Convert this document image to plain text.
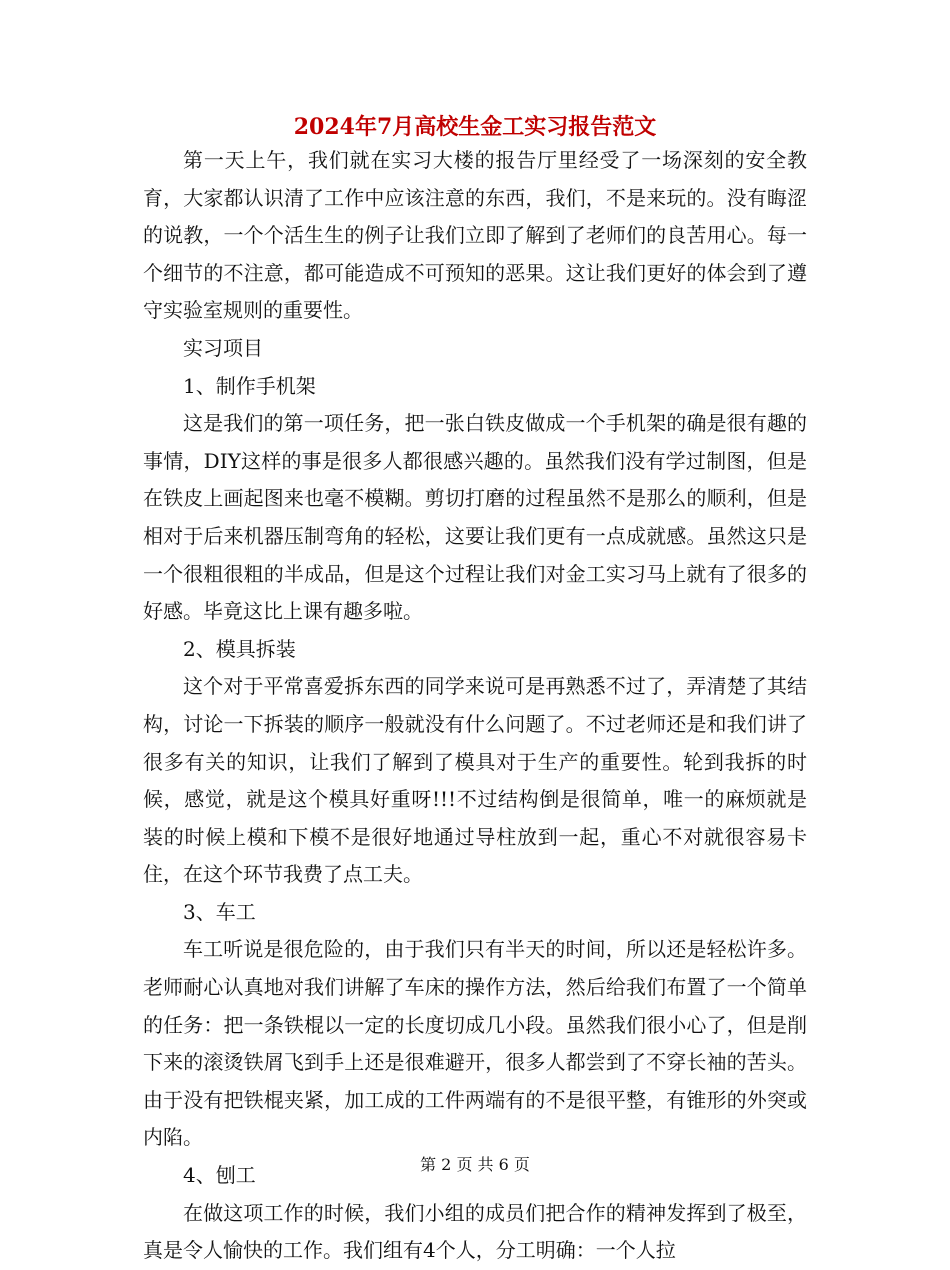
2024年7月高校生金工实习报告范文

第一天上午，我们就在实习大楼的报告厅里经受了一场深刻的安全教育，大家都认识清了工作中应该注意的东西，我们，不是来玩的。没有晦涩的说教，一个个活生生的例子让我们立即了解到了老师们的良苦用心。每一个细节的不注意，都可能造成不可预知的恶果。这让我们更好的体会到了遵守实验室规则的重要性。

实习项目

1、制作手机架

这是我们的第一项任务，把一张白铁皮做成一个手机架的确是很有趣的事情，DIY这样的事是很多人都很感兴趣的。虽然我们没有学过制图，但是在铁皮上画起图来也毫不模糊。剪切打磨的过程虽然不是那么的顺利，但是相对于后来机器压制弯角的轻松，这要让我们更有一点成就感。虽然这只是一个很粗很粗的半成品，但是这个过程让我们对金工实习马上就有了很多的好感。毕竟这比上课有趣多啦。

2、模具拆装

这个对于平常喜爱拆东西的同学来说可是再熟悉不过了，弄清楚了其结构，讨论一下拆装的顺序一般就没有什么问题了。不过老师还是和我们讲了很多有关的知识，让我们了解到了模具对于生产的重要性。轮到我拆的时候，感觉，就是这个模具好重呀!!!不过结构倒是很简单，唯一的麻烦就是装的时候上模和下模不是很好地通过导柱放到一起，重心不对就很容易卡住，在这个环节我费了点工夫。

3、车工

车工听说是很危险的，由于我们只有半天的时间，所以还是轻松许多。老师耐心认真地对我们讲解了车床的操作方法，然后给我们布置了一个简单的任务：把一条铁棍以一定的长度切成几小段。虽然我们很小心了，但是削下来的滚烫铁屑飞到手上还是很难避开，很多人都尝到了不穿长袖的苦头。由于没有把铁棍夹紧，加工成的工件两端有的不是很平整，有锥形的外突或内陷。

4、刨工

在做这项工作的时候，我们小组的成员们把合作的精神发挥到了极至，真是令人愉快的工作。我们组有4个人，分工明确：一个人拉

第 2 页 共 6 页
